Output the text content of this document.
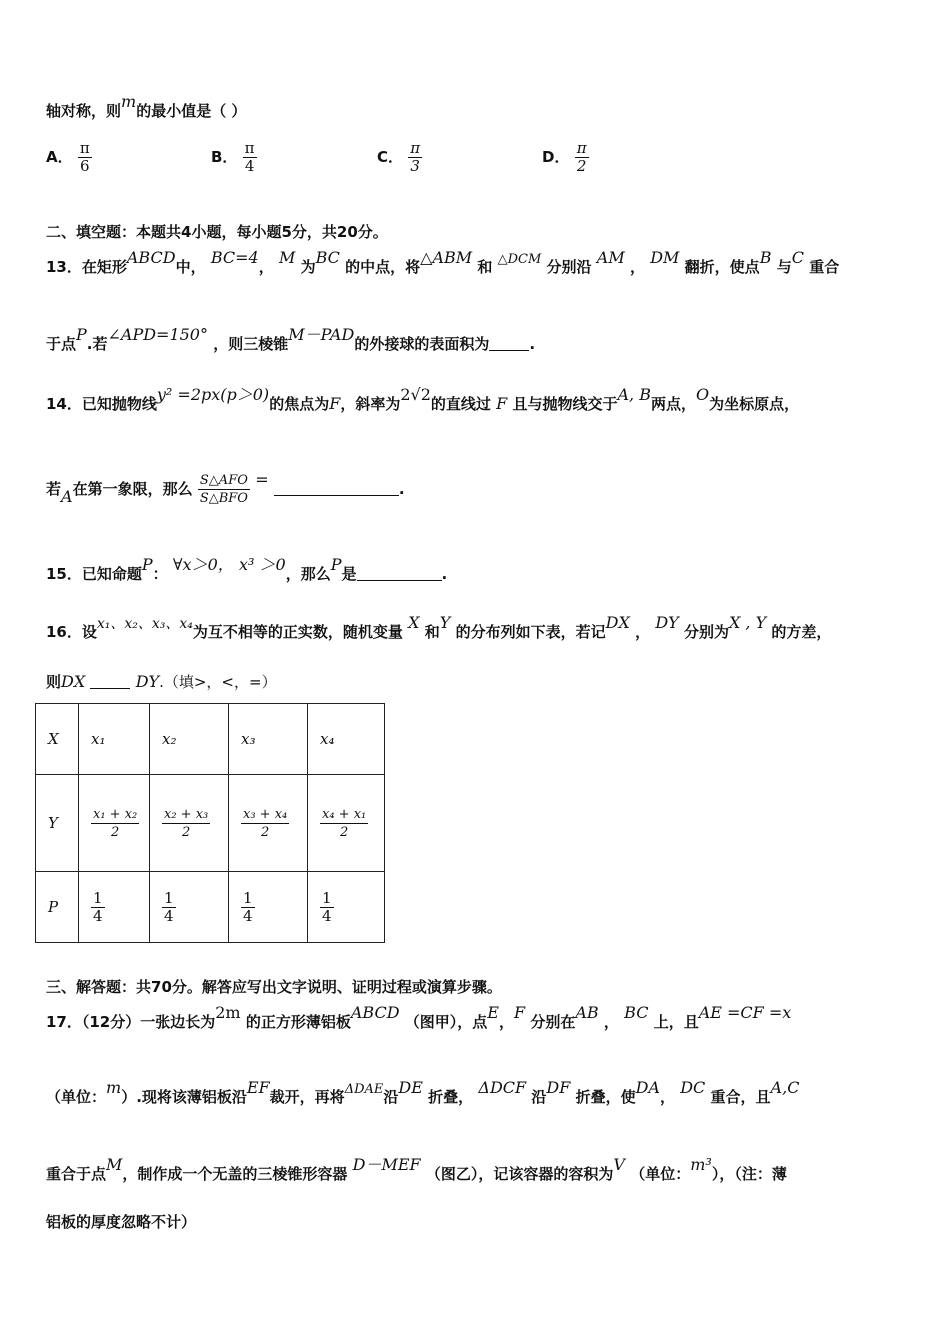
轴对称，则m的最小值是（ ）
A． $\frac{\pi}{6}$	B． $\frac{\pi}{4}$	C． $\frac{\pi}{3}$	D． $\frac{\pi}{2}$
二、填空题：本题共4小题，每小题5分，共20分。
13．在矩形ABCD中， BC=4， M 为BC 的中点，将△ABM 和 △DCM 分别沿 AM ， DM 翻折，使点B 与C 重合
于点P.若∠APD=150° ，则三棱锥M－PAD的外接球的表面积为	.
14．已知抛物线y² =2px(p＞0)的焦点为F，斜率为2√2的直线过 F 且与抛物线交于A, B两点，O为坐标原点，
若A在第一象限，那么 $\frac{\text{S△AFO}}{\text{S△BFO}}$ =	.
15．已知命题P： ∀x＞0， x³ ＞0，那么P是	.
16．设x₁、x₂、x₃、x₄为互不相等的正实数，随机变量 X 和Y 的分布列如下表，若记DX ， DY 分别为X , Y 的方差，
则DX	DY.（填>，<，=）
X	x₁	x₂	x₃	x₄
Y	$\frac{\text{x₁ + x₂}}{2}$	$\frac{\text{x₂ + x₃}}{2}$	$\frac{\text{x₃ + x₄}}{2}$	$\frac{\text{x₄ + x₁}}{2}$

P	$\frac{1}{4}$	$\frac{1}{4}$	$\frac{1}{4}$	$\frac{1}{4}$
三、解答题：共70分。解答应写出文字说明、证明过程或演算步骤。
17．（12分）一张边长为2m 的正方形薄铝板ABCD （图甲），点E，F 分别在AB ， BC 上，且AE =CF =x
（单位：m）.现将该薄铝板沿EF裁开，再将ΔDAE沿DE 折叠， ΔDCF 沿DF 折叠，使DA， DC 重合，且A,C
重合于点M，制作成一个无盖的三棱锥形容器 D－MEF （图乙），记该容器的容积为V （单位：m³），（注：薄
铝板的厚度忽略不计）
